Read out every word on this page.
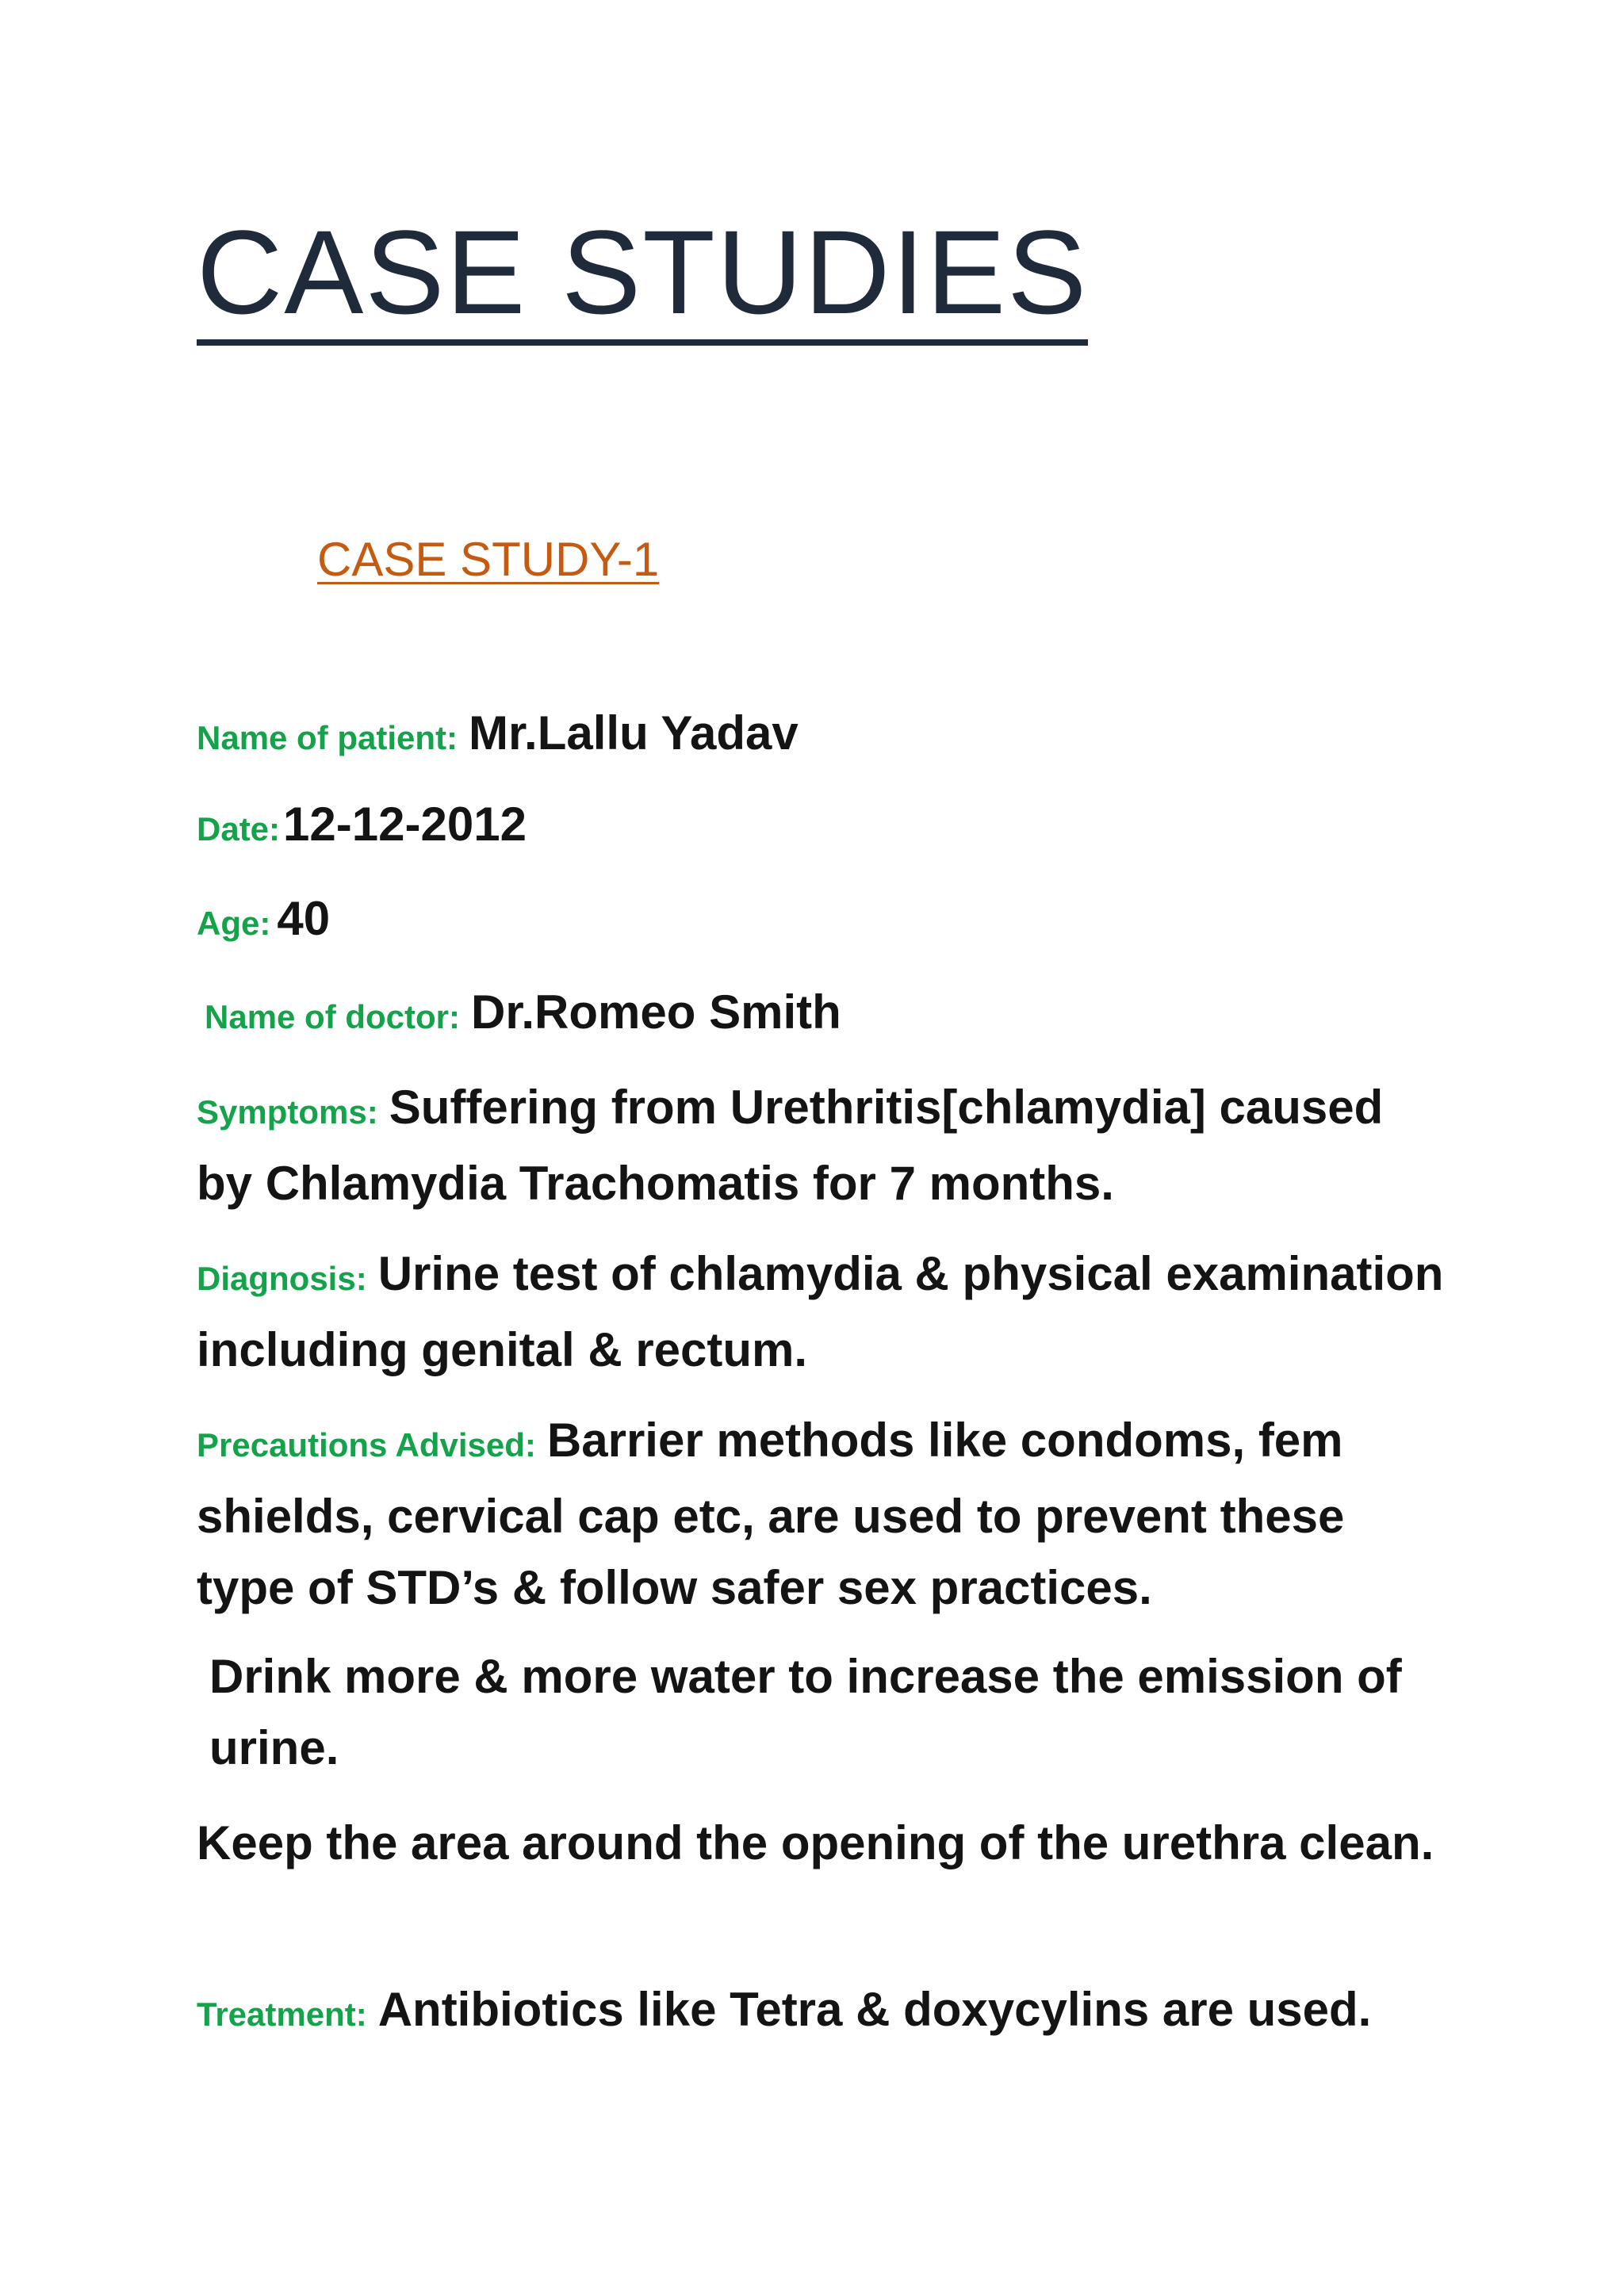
CASE STUDIES
CASE STUDY-1

Name of patient: Mr.Lallu Yadav

Date:12-12-2012

Age: 40

Name of doctor: Dr.Romeo Smith

Symptoms: Suffering from Urethritis[chlamydia] caused by Chlamydia Trachomatis for 7 months.

Diagnosis: Urine test of chlamydia & physical examination including genital & rectum.

Precautions Advised: Barrier methods like condoms, fem shields, cervical cap etc, are used to prevent these type of STD’s & follow safer sex practices.

Drink more & more water to increase the emission of urine.

Keep the area around the opening of the urethra clean.

Treatment: Antibiotics like Tetra & doxycylins are used.
